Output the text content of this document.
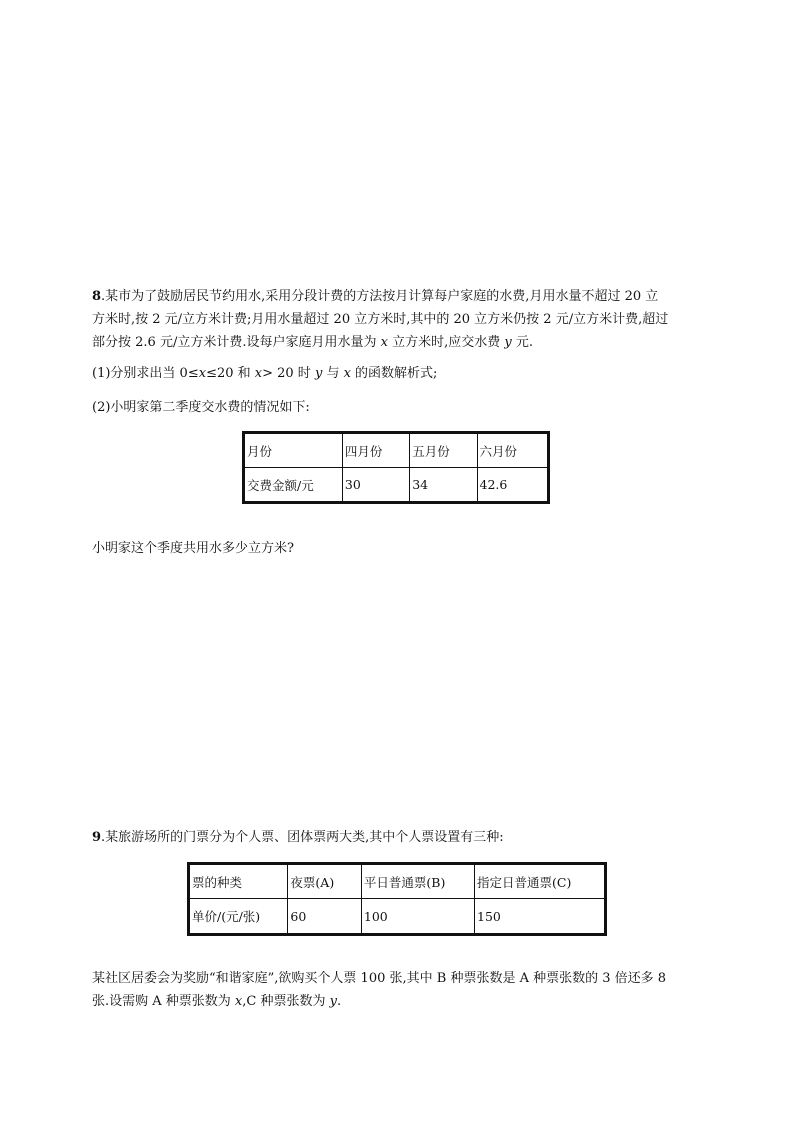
8.某市为了鼓励居民节约用水,采用分段计费的方法按月计算每户家庭的水费,月用水量不超过 20 立
方米时,按 2 元/立方米计费;月用水量超过 20 立方米时,其中的 20 立方米仍按 2 元/立方米计费,超过
部分按 2.6 元/立方米计费.设每户家庭月用水量为 x 立方米时,应交水费 y 元.
(1)分别求出当 0≤x≤20 和 x> 20 时 y 与 x 的函数解析式;
(2)小明家第二季度交水费的情况如下:
月份	四月份	五月份	六月份
交费金额/元	30	34	42.6
小明家这个季度共用水多少立方米?
9.某旅游场所的门票分为个人票、团体票两大类,其中个人票设置有三种:
票的种类	夜票(A)	平日普通票(B)	指定日普通票(C)
单价/(元/张)	60	100	150
某社区居委会为奖励“和谐家庭”,欲购买个人票 100 张,其中 B 种票张数是 A 种票张数的 3 倍还多 8
张.设需购 A 种票张数为 x,C 种票张数为 y.
